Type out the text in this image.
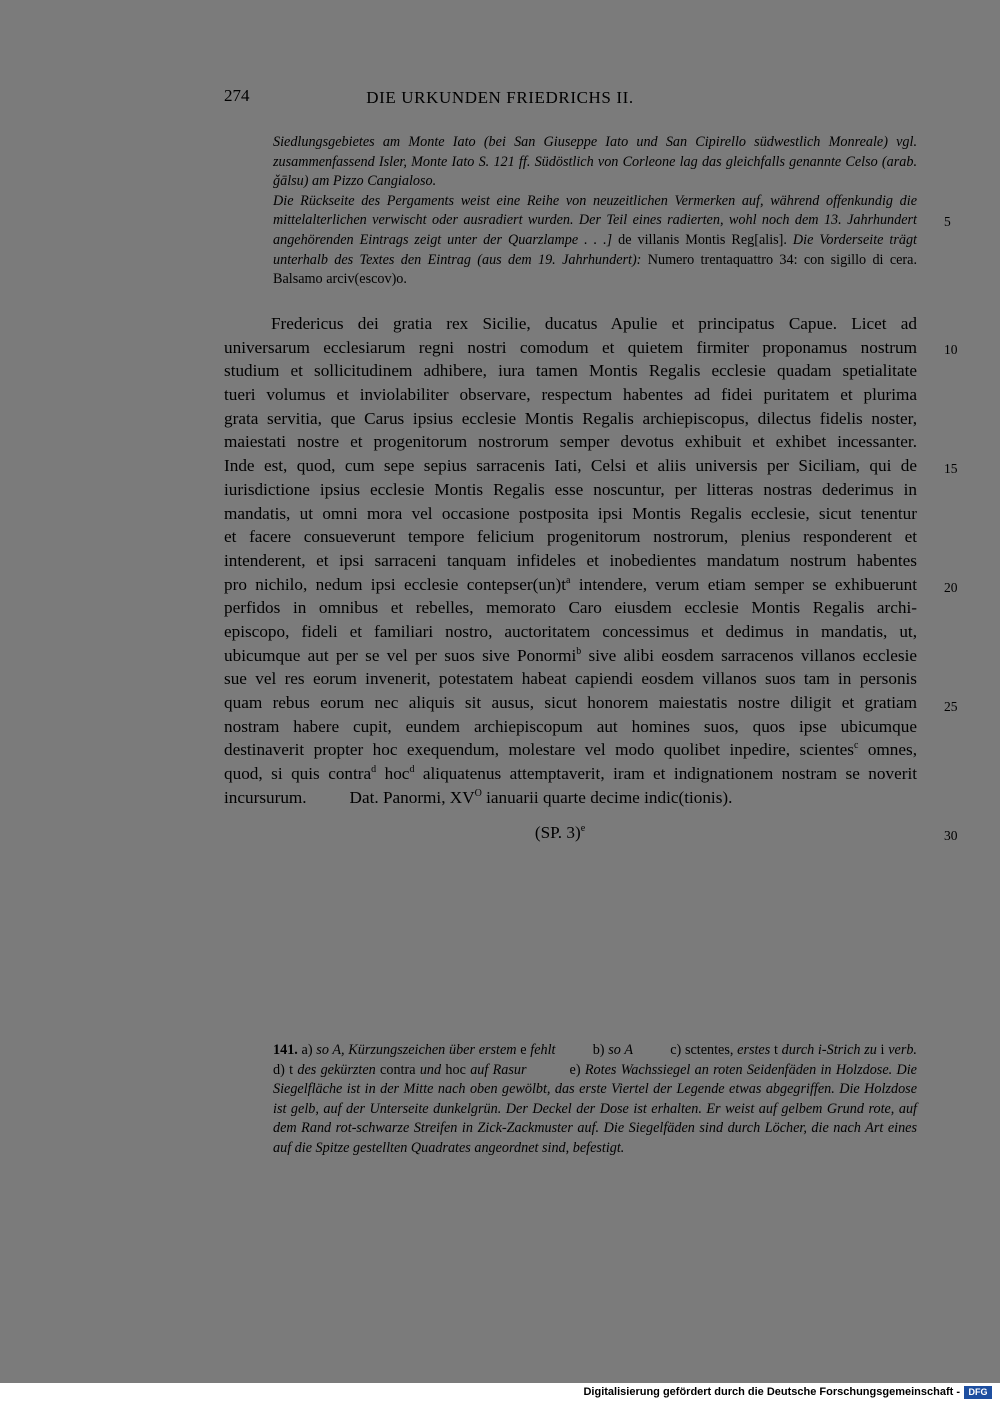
274	DIE URKUNDEN FRIEDRICHS II.

Siedlungsgebietes am Monte Iato (bei San Giuseppe Iato und San Cipirello südwestlich Monreale) vgl. zusammenfassend Isler, Monte Iato S. 121 ff. Südöstlich von Corleone lag das gleichfalls genannte Celso (arab. ǧālsu) am Pizzo Cangialoso.

Die Rückseite des Pergaments weist eine Reihe von neuzeitlichen Vermerken auf, während offenkundig die mittelalterlichen verwischt oder ausradiert wurden. Der Teil eines radierten, wohl noch dem 13. Jahrhundert angehörenden Eintrags zeigt unter der Quarzlampe . . .] de villanis Montis Reg[alis]. Die Vorderseite trägt unterhalb des Textes den Eintrag (aus dem 19. Jahrhundert): Numero trentaquattro 34: con sigillo di cera. Balsamo arciv(escov)o.

5
10
15
20
25
30
Fredericus dei gratia rex Sicilie, ducatus Apulie et principatus Capue. Licet ad
universarum ecclesiarum regni nostri comodum et quietem firmiter proponamus nostrum
studium et sollicitudinem adhibere, iura tamen Montis Regalis ecclesie quadam spetialitate
tueri volumus et inviolabiliter observare, respectum habentes ad fidei puritatem et plurima
grata servitia, que Carus ipsius ecclesie Montis Regalis archiepiscopus, dilectus fidelis noster,
maiestati nostre et progenitorum nostrorum semper devotus exhibuit et exhibet incessanter.
Inde est, quod, cum sepe sepius sarracenis Iati, Celsi et aliis universis per Siciliam, qui de
iurisdictione ipsius ecclesie Montis Regalis esse noscuntur, per litteras nostras dederimus in
mandatis, ut omni mora vel occasione postposita ipsi Montis Regalis ecclesie, sicut tenentur
et facere consueverunt tempore felicium progenitorum nostrorum, plenius responderent et
intenderent, et ipsi sarraceni tanquam infideles et inobedientes mandatum nostrum habentes
pro nichilo, nedum ipsi ecclesie $contepser(un)t^a$ intendere, verum etiam semper se exhibuerunt
perfidos in omnibus et rebelles, memorato Caro eiusdem ecclesie Montis Regalis archi-
episcopo, fideli et familiari nostro, auctoritatem concessimus et dedimus in mandatis, ut,
ubicumque aut per se vel per suos sive Ponormi$^b$ sive alibi eosdem sarracenos villanos ecclesie
sue vel res eorum invenerit, potestatem habeat capiendi eosdem villanos suos tam in personis
quam rebus eorum nec aliquis sit ausus, sicut honorem maiestatis nostre diligit et gratiam
nostram habere cupit, eundem archiepiscopum aut homines suos, quos ipse ubicumque
destinaverit propter hoc exequendum, molestare vel modo quolibet inpedire, scientes$^c$ omnes,
quod, si quis contra$^d$ hoc$^d$ aliquatenus attemptaverit, iram et indignationem nostram se noverit
incursurum.          Dat. Panormi, $XV^O$ ianuarii quarte decime indic(tionis).
(SP. 3)$^e$
141. a) so A, Kürzungszeichen über erstem e fehlt          b) so A          c) sctentes, erstes t durch i-Strich zu i verb.          d) t des gekürzten contra und hoc auf Rasur          e) Rotes Wachssiegel an roten Seidenfäden in Holzdose. Die Siegelfläche ist in der Mitte nach oben gewölbt, das erste Viertel der Legende etwas abgegriffen. Die Holzdose ist gelb, auf der Unterseite dunkelgrün. Der Deckel der Dose ist erhalten. Er weist auf gelbem Grund rote, auf dem Rand rot-schwarze Streifen in Zick-Zackmuster auf. Die Siegelfäden sind durch Löcher, die nach Art eines auf die Spitze gestellten Quadrates angeordnet sind, befestigt.
Digitalisierung gefördert durch die Deutsche Forschungsgemeinschaft - DFG
